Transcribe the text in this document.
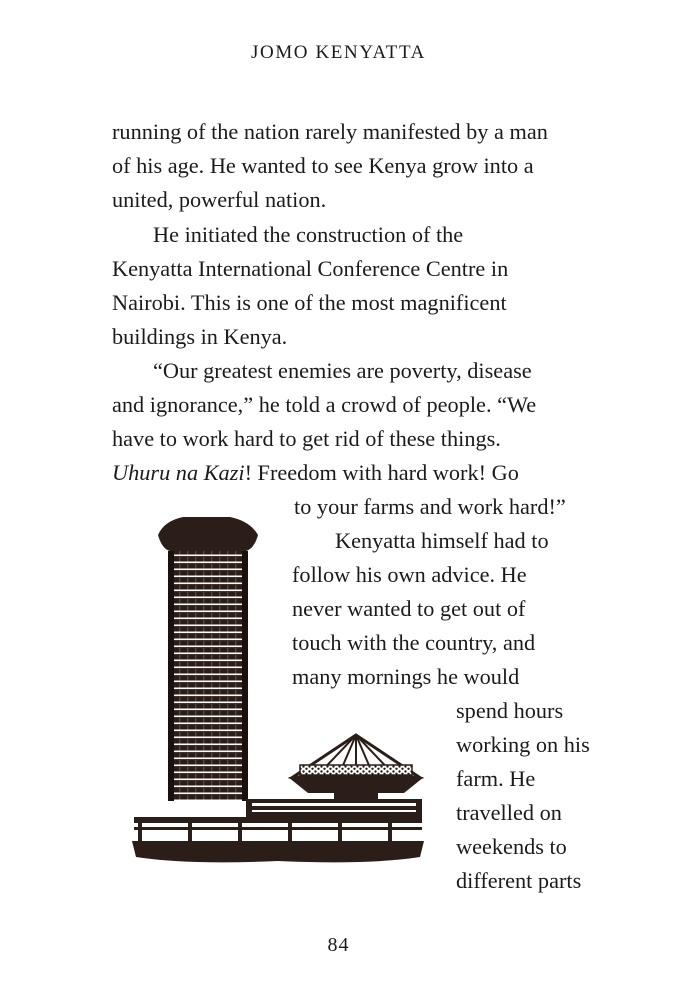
JOMO KENYATTA
running of the nation rarely manifested by a man
of his age. He wanted to see Kenya grow into a
united, powerful nation.
He initiated the construction of the
Kenyatta International Conference Centre in
Nairobi. This is one of the most magnificent
buildings in Kenya.
“Our greatest enemies are poverty, disease
and ignorance,” he told a crowd of people. “We
have to work hard to get rid of these things.
Uhuru na Kazi! Freedom with hard work! Go
to your farms and work hard!”
Kenyatta himself had to
follow his own advice. He
never wanted to get out of
touch with the country, and
many mornings he would
spend hours
working on his
farm. He
travelled on
weekends to
different parts
84
